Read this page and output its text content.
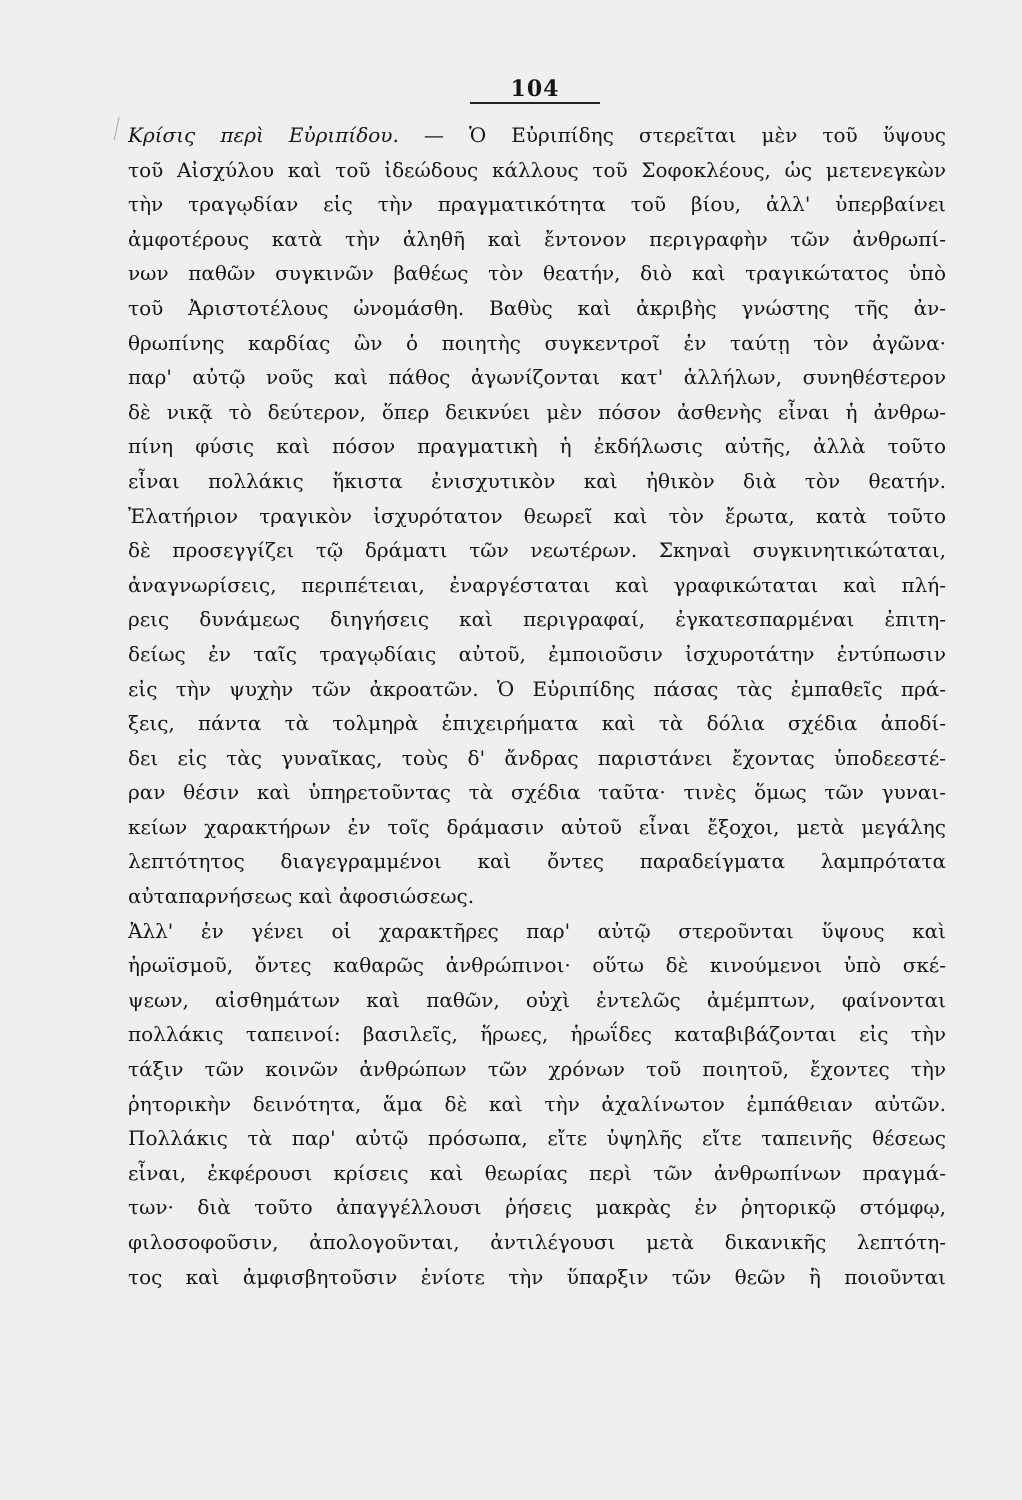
104
Κρίσις περὶ Εὐριπίδου. — Ὁ Εὐριπίδης στερεῖται μὲν τοῦ ὕψους
τοῦ Αἰσχύλου καὶ τοῦ ἰδεώδους κάλλους τοῦ Σοφοκλέους, ὡς μετενεγκὼν
τὴν τραγῳδίαν εἰς τὴν πραγματικότητα τοῦ βίου, ἀλλ' ὑπερβαίνει
ἀμφοτέρους κατὰ τὴν ἀληθῆ καὶ ἔντονον περιγραφὴν τῶν ἀνθρωπί-
νων παθῶν συγκινῶν βαθέως τὸν θεατήν, διὸ καὶ τραγικώτατος ὑπὸ
τοῦ Ἀριστοτέλους ὠνομάσθη. Βαθὺς καὶ ἀκριβὴς γνώστης τῆς ἀν-
θρωπίνης καρδίας ὢν ὁ ποιητὴς συγκεντροῖ ἐν ταύτῃ τὸν ἀγῶνα·
παρ' αὐτῷ νοῦς καὶ πάθος ἀγωνίζονται κατ' ἀλλήλων, συνηθέστερον
δὲ νικᾷ τὸ δεύτερον, ὅπερ δεικνύει μὲν πόσον ἀσθενὴς εἶναι ἡ ἀνθρω-
πίνη φύσις καὶ πόσον πραγματικὴ ἡ ἐκδήλωσις αὐτῆς, ἀλλὰ τοῦτο
εἶναι πολλάκις ἥκιστα ἐνισχυτικὸν καὶ ἠθικὸν διὰ τὸν θεατήν.
Ἐλατήριον τραγικὸν ἰσχυρότατον θεωρεῖ καὶ τὸν ἔρωτα, κατὰ τοῦτο
δὲ προσεγγίζει τῷ δράματι τῶν νεωτέρων. Σκηναὶ συγκινητικώταται,
ἀναγνωρίσεις, περιπέτειαι, ἐναργέσταται καὶ γραφικώταται καὶ πλή-
ρεις δυνάμεως διηγήσεις καὶ περιγραφαί, ἐγκατεσπαρμέναι ἐπιτη-
δείως ἐν ταῖς τραγῳδίαις αὐτοῦ, ἐμποιοῦσιν ἰσχυροτάτην ἐντύπωσιν
εἰς τὴν ψυχὴν τῶν ἀκροατῶν. Ὁ Εὐριπίδης πάσας τὰς ἐμπαθεῖς πρά-
ξεις, πάντα τὰ τολμηρὰ ἐπιχειρήματα καὶ τὰ δόλια σχέδια ἀποδί-
δει εἰς τὰς γυναῖκας, τοὺς δ' ἄνδρας παριστάνει ἔχοντας ὑποδεεστέ-
ραν θέσιν καὶ ὑπηρετοῦντας τὰ σχέδια ταῦτα· τινὲς ὅμως τῶν γυναι-
κείων χαρακτήρων ἐν τοῖς δράμασιν αὐτοῦ εἶναι ἔξοχοι, μετὰ μεγάλης
λεπτότητος διαγεγραμμένοι καὶ ὄντες παραδείγματα λαμπρότατα
αὐταπαρνήσεως καὶ ἀφοσιώσεως.
Ἀλλ' ἐν γένει οἱ χαρακτῆρες παρ' αὐτῷ στεροῦνται ὕψους καὶ
ἡρωϊσμοῦ, ὄντες καθαρῶς ἀνθρώπινοι· οὕτω δὲ κινούμενοι ὑπὸ σκέ-
ψεων, αἰσθημάτων καὶ παθῶν, οὐχὶ ἐντελῶς ἀμέμπτων, φαίνονται
πολλάκις ταπεινοί: βασιλεῖς, ἥρωες, ἡρωΐδες καταβιβάζονται εἰς τὴν
τάξιν τῶν κοινῶν ἀνθρώπων τῶν χρόνων τοῦ ποιητοῦ, ἔχοντες τὴν
ῥητορικὴν δεινότητα, ἅμα δὲ καὶ τὴν ἀχαλίνωτον ἐμπάθειαν αὐτῶν.
Πολλάκις τὰ παρ' αὐτῷ πρόσωπα, εἴτε ὑψηλῆς εἴτε ταπεινῆς θέσεως
εἶναι, ἐκφέρουσι κρίσεις καὶ θεωρίας περὶ τῶν ἀνθρωπίνων πραγμά-
των· διὰ τοῦτο ἀπαγγέλλουσι ῥήσεις μακρὰς ἐν ῥητορικῷ στόμφῳ,
φιλοσοφοῦσιν, ἀπολογοῦνται, ἀντιλέγουσι μετὰ δικανικῆς λεπτότη-
τος καὶ ἀμφισβητοῦσιν ἐνίοτε τὴν ὕπαρξιν τῶν θεῶν ἢ ποιοῦνται
